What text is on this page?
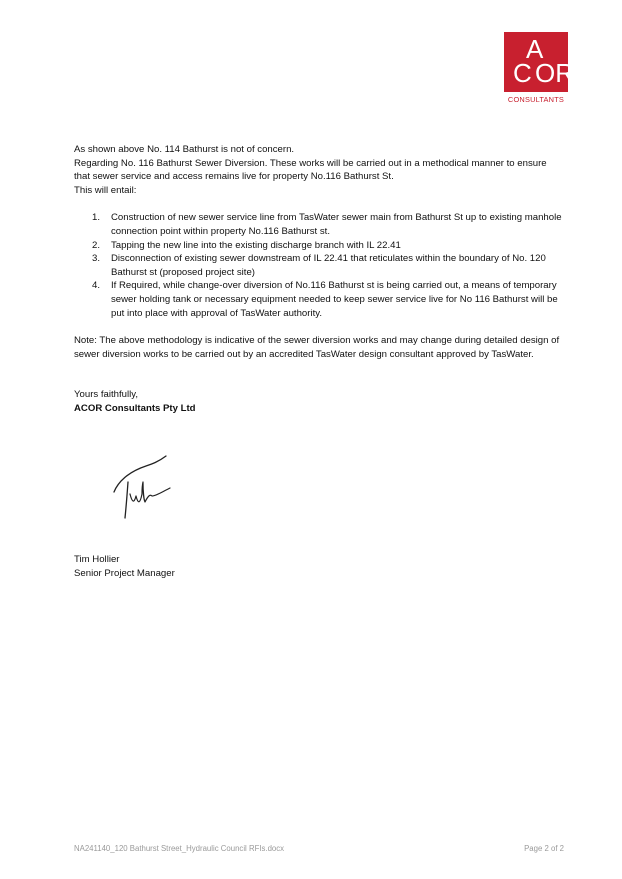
A
C OR
CONSULTANTS

As shown above No. 114 Bathurst is not of concern.

Regarding No. 116 Bathurst Sewer Diversion. These works will be carried out in a methodical manner to ensure that sewer service and access remains live for property No.116 Bathurst St.

This will entail:

1. Construction of new sewer service line from TasWater sewer main from Bathurst St up to existing manhole connection point within property No.116 Bathurst st.
2. Tapping the new line into the existing discharge branch with IL 22.41
3. Disconnection of existing sewer downstream of IL 22.41 that reticulates within the boundary of No. 120 Bathurst st (proposed project site)
4. If Required, while change-over diversion of No.116 Bathurst st is being carried out, a means of temporary sewer holding tank or necessary equipment needed to keep sewer service live for No 116 Bathurst will be put into place with approval of TasWater authority.

Note: The above methodology is indicative of the sewer diversion works and may change during detailed design of sewer diversion works to be carried out by an accredited TasWater design consultant approved by TasWater.

Yours faithfully,

ACOR Consultants Pty Ltd

Tim Hollier
Senior Project Manager
NA241140_120 Bathurst Street_Hydraulic Council RFIs.docx	Page 2 of 2
